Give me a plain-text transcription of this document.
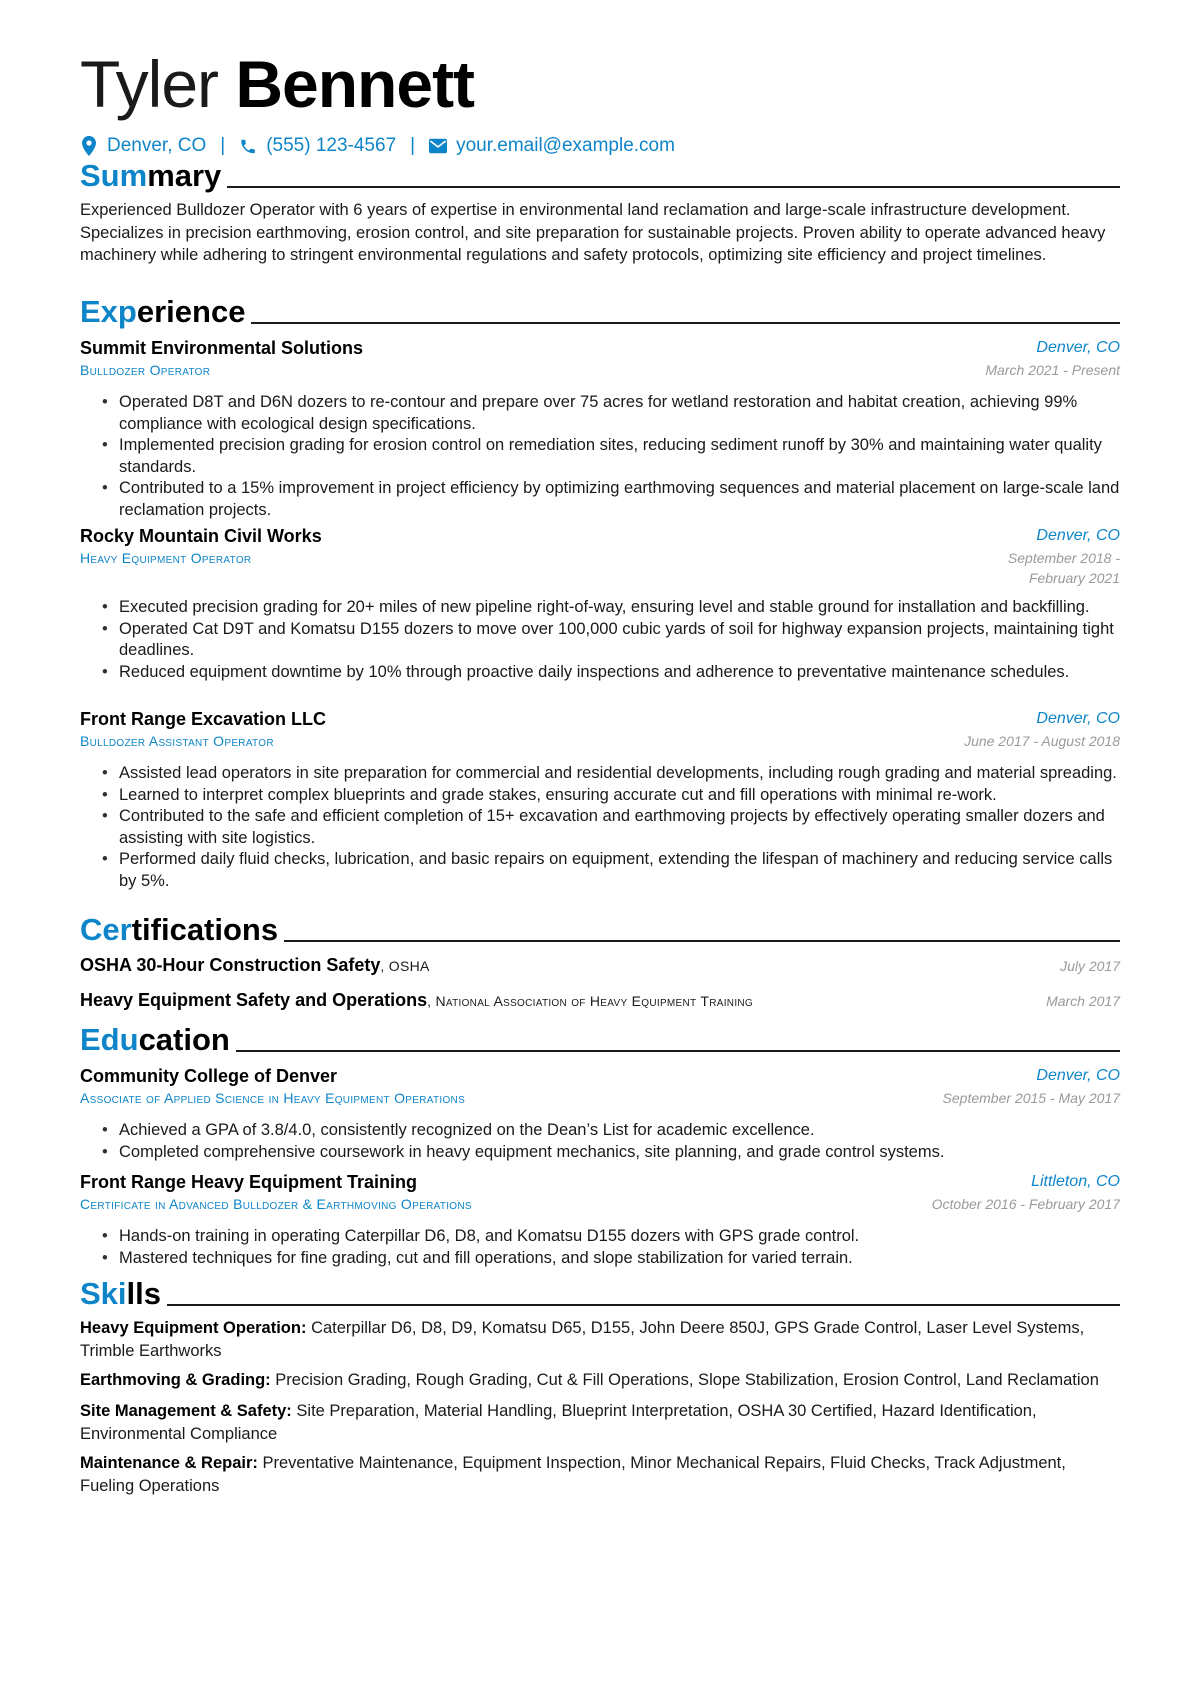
Tyler Bennett
Denver, CO | (555) 123-4567 | your.email@example.com
Summary
Experienced Bulldozer Operator with 6 years of expertise in environmental land reclamation and large-scale infrastructure development. Specializes in precision earthmoving, erosion control, and site preparation for sustainable projects. Proven ability to operate advanced heavy machinery while adhering to stringent environmental regulations and safety protocols, optimizing site efficiency and project timelines.
Experience
Summit Environmental Solutions	Denver, CO
Bulldozer Operator	March 2021 - Present
• Operated D8T and D6N dozers to re-contour and prepare over 75 acres for wetland restoration and habitat creation, achieving 99% compliance with ecological design specifications.
• Implemented precision grading for erosion control on remediation sites, reducing sediment runoff by 30% and maintaining water quality standards.
• Contributed to a 15% improvement in project efficiency by optimizing earthmoving sequences and material placement on large-scale land reclamation projects.
Rocky Mountain Civil Works	Denver, CO
Heavy Equipment Operator	September 2018 - February 2021
• Executed precision grading for 20+ miles of new pipeline right-of-way, ensuring level and stable ground for installation and backfilling.
• Operated Cat D9T and Komatsu D155 dozers to move over 100,000 cubic yards of soil for highway expansion projects, maintaining tight deadlines.
• Reduced equipment downtime by 10% through proactive daily inspections and adherence to preventative maintenance schedules.
Front Range Excavation LLC	Denver, CO
Bulldozer Assistant Operator	June 2017 - August 2018
• Assisted lead operators in site preparation for commercial and residential developments, including rough grading and material spreading.
• Learned to interpret complex blueprints and grade stakes, ensuring accurate cut and fill operations with minimal re-work.
• Contributed to the safe and efficient completion of 15+ excavation and earthmoving projects by effectively operating smaller dozers and assisting with site logistics.
• Performed daily fluid checks, lubrication, and basic repairs on equipment, extending the lifespan of machinery and reducing service calls by 5%.
Certifications
OSHA 30-Hour Construction Safety, OSHA	July 2017
Heavy Equipment Safety and Operations, National Association of Heavy Equipment Training	March 2017
Education
Community College of Denver	Denver, CO
Associate of Applied Science in Heavy Equipment Operations	September 2015 - May 2017
• Achieved a GPA of 3.8/4.0, consistently recognized on the Dean’s List for academic excellence.
• Completed comprehensive coursework in heavy equipment mechanics, site planning, and grade control systems.
Front Range Heavy Equipment Training	Littleton, CO
Certificate in Advanced Bulldozer & Earthmoving Operations	October 2016 - February 2017
• Hands-on training in operating Caterpillar D6, D8, and Komatsu D155 dozers with GPS grade control.
• Mastered techniques for fine grading, cut and fill operations, and slope stabilization for varied terrain.
Skills
Heavy Equipment Operation: Caterpillar D6, D8, D9, Komatsu D65, D155, John Deere 850J, GPS Grade Control, Laser Level Systems, Trimble Earthworks
Earthmoving & Grading: Precision Grading, Rough Grading, Cut & Fill Operations, Slope Stabilization, Erosion Control, Land Reclamation
Site Management & Safety: Site Preparation, Material Handling, Blueprint Interpretation, OSHA 30 Certified, Hazard Identification, Environmental Compliance
Maintenance & Repair: Preventative Maintenance, Equipment Inspection, Minor Mechanical Repairs, Fluid Checks, Track Adjustment, Fueling Operations
